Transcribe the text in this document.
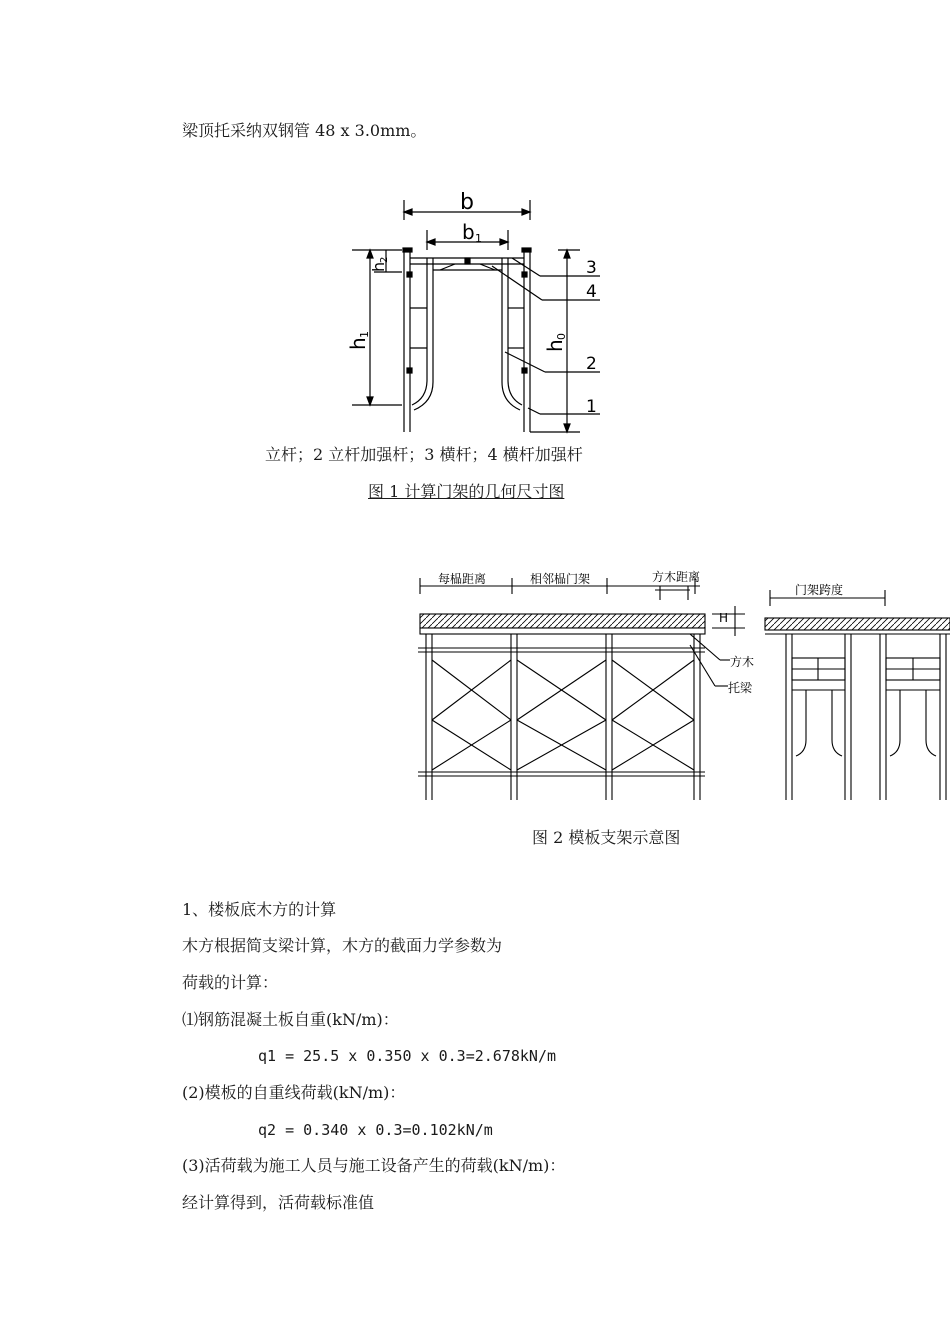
梁顶托采纳双钢管 48 x 3.0mm。
b
b 1
h
1
h
2
h
0
3
4
2
1
立杆；2 立杆加强杆；3 横杆；4 横杆加强杆
图 1 计算门架的几何尺寸图
每榀距离	相邻榀门架	方木距离
门架跨度
H
方木
托梁
图 2 模板支架示意图
1、楼板底木方的计算
木方根据简支梁计算，木方的截面力学参数为
荷载的计算：
⑴钢筋混凝土板自重(kN/m)：
q1 = 25.5 x 0.350 x 0.3=2.678kN/m
(2)模板的自重线荷载(kN/m)：
q2 = 0.340 x 0.3=0.102kN/m
(3)活荷载为施工人员与施工设备产生的荷载(kN/m)：
经计算得到，活荷载标准值
